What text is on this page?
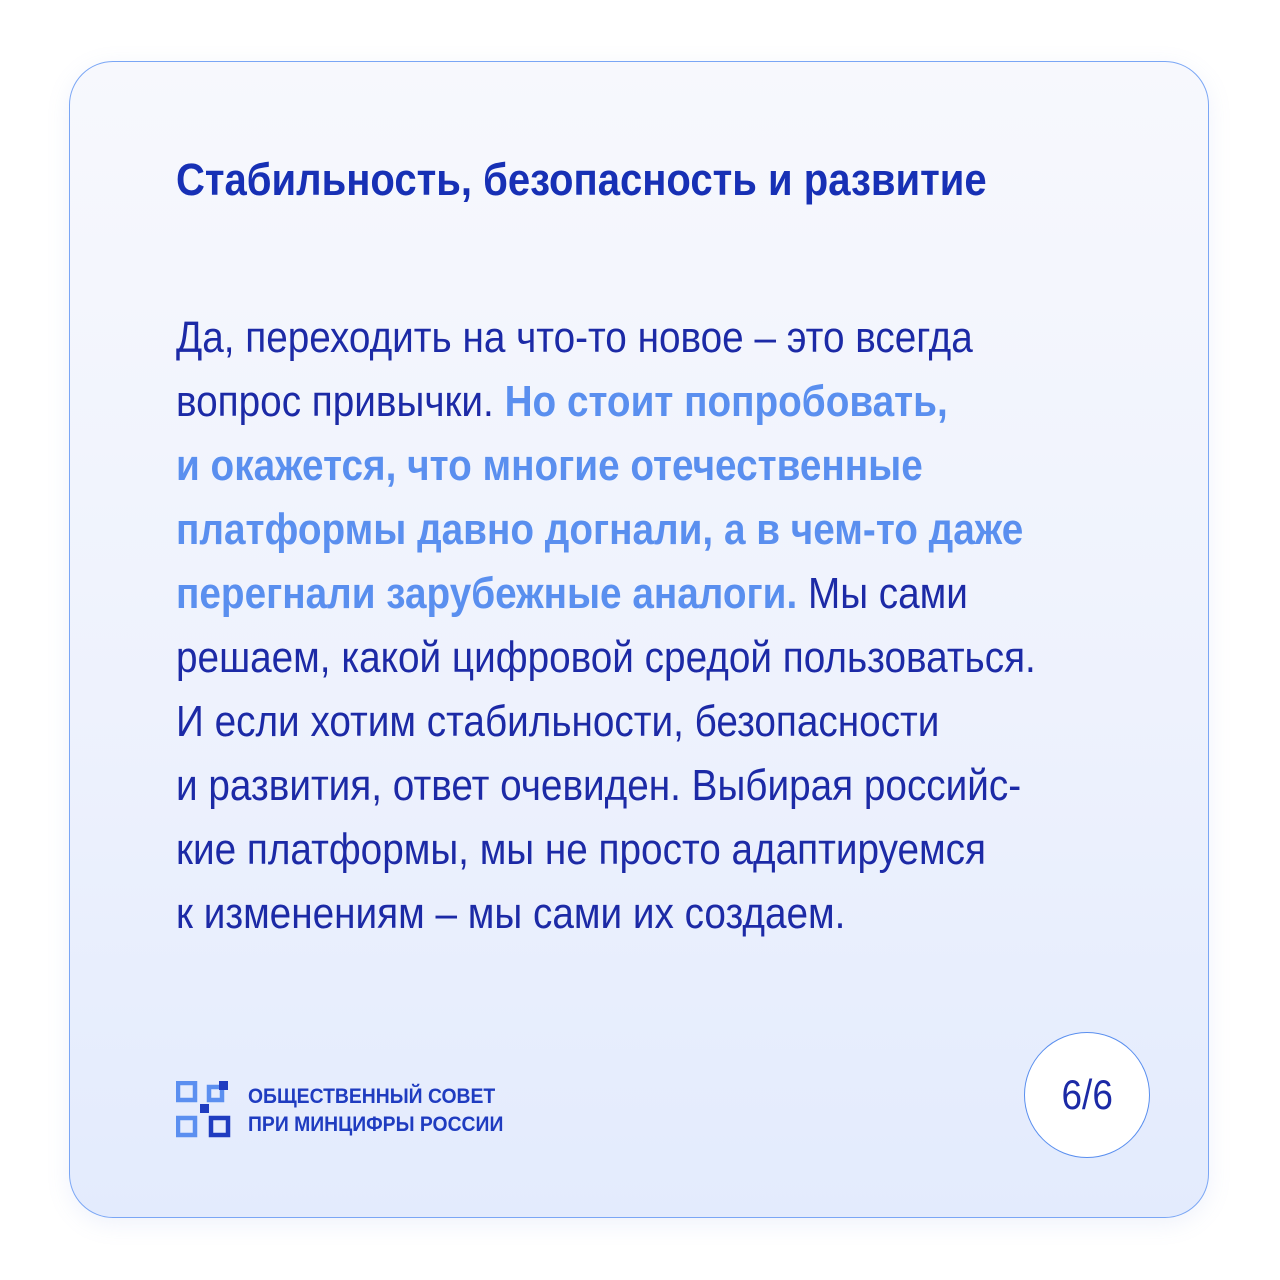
Стабильность, безопасность и развитие

Да, переходить на что-то новое – это всегда
вопрос привычки. Но стоит попробовать,
и окажется, что многие отечественные
платформы давно догнали, а в чем-то даже
перегнали зарубежные аналоги. Мы сами
решаем, какой цифровой средой пользоваться.
И если хотим стабильности, безопасности
и развития, ответ очевиден. Выбирая российс-
кие платформы, мы не просто адаптируемся
к изменениям – мы сами их создаем.

ОБЩЕСТВЕННЫЙ СОВЕТ
ПРИ МИНЦИФРЫ РОССИИ
6/6
